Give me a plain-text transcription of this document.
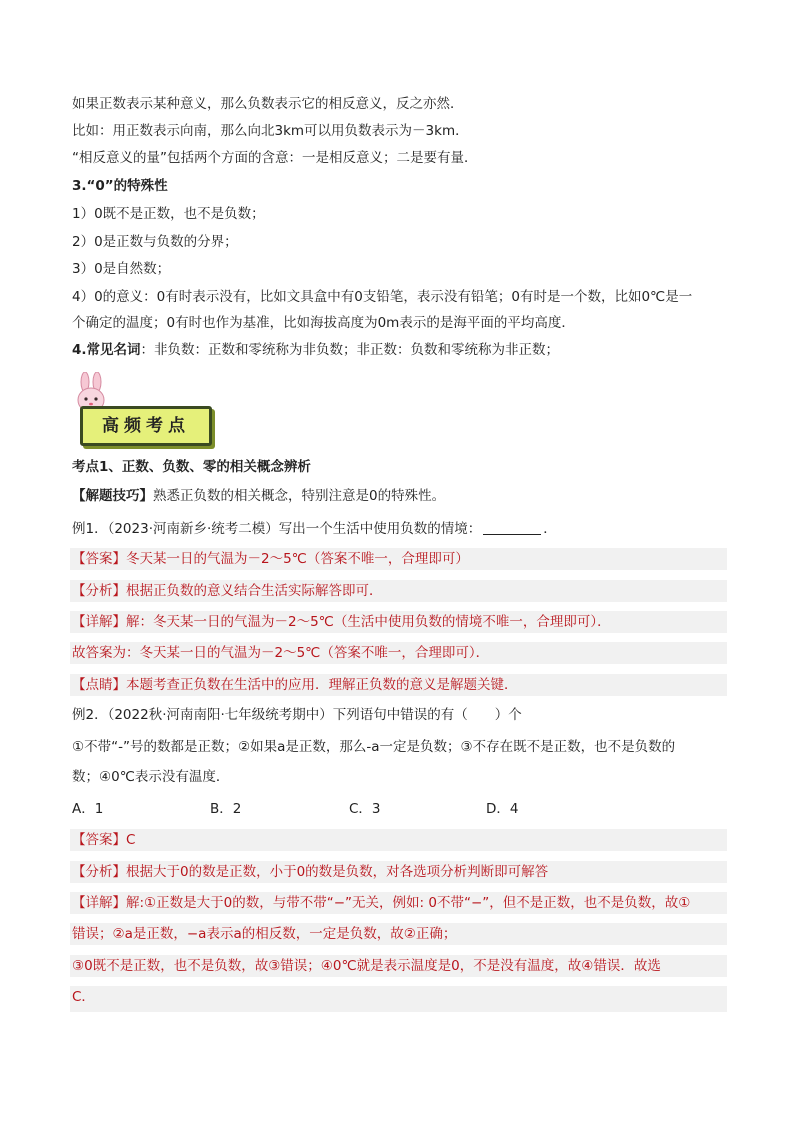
如果正数表示某种意义，那么负数表示它的相反意义，反之亦然．
比如：用正数表示向南，那么向北3km可以用负数表示为－3km．
“相反意义的量”包括两个方面的含意：一是相反意义；二是要有量．
3.“0”的特殊性
1）0既不是正数，也不是负数；
2）0是正数与负数的分界；
3）0是自然数；
4）0的意义：0有时表示没有，比如文具盒中有0支铅笔，表示没有铅笔；0有时是一个数，比如0℃是一
个确定的温度；0有时也作为基准，比如海拔高度为0m表示的是海平面的平均高度．
4.常见名词：非负数：正数和零统称为非负数；非正数：负数和零统称为非正数；
高频考点
考点1、正数、负数、零的相关概念辨析
【解题技巧】熟悉正负数的相关概念，特别注意是0的特殊性。
例1．（2023·河南新乡·统考二模）写出一个生活中使用负数的情境：	．
【答案】冬天某一日的气温为－2～5℃（答案不唯一，合理即可）
【分析】根据正负数的意义结合生活实际解答即可．
【详解】解：冬天某一日的气温为－2～5℃（生活中使用负数的情境不唯一，合理即可）．
故答案为：冬天某一日的气温为－2～5℃（答案不唯一，合理即可）．
【点睛】本题考查正负数在生活中的应用．理解正负数的意义是解题关键．
例2．（2022秋·河南南阳·七年级统考期中）下列语句中错误的有（　　）个
①不带“-”号的数都是正数；②如果a是正数，那么-a一定是负数；③不存在既不是正数，也不是负数的
数；④0℃表示没有温度．
A．1	B．2	C．3	D．4
【答案】C
【分析】根据大于0的数是正数，小于0的数是负数，对各选项分析判断即可解答
【详解】解:①正数是大于0的数，与带不带“−”无关，例如: 0不带“−”，但不是正数，也不是负数，故①
错误；②a是正数，−a表示a的相反数，一定是负数，故②正确；
③0既不是正数，也不是负数，故③错误；④0℃就是表示温度是0，不是没有温度，故④错误．故选
C．
